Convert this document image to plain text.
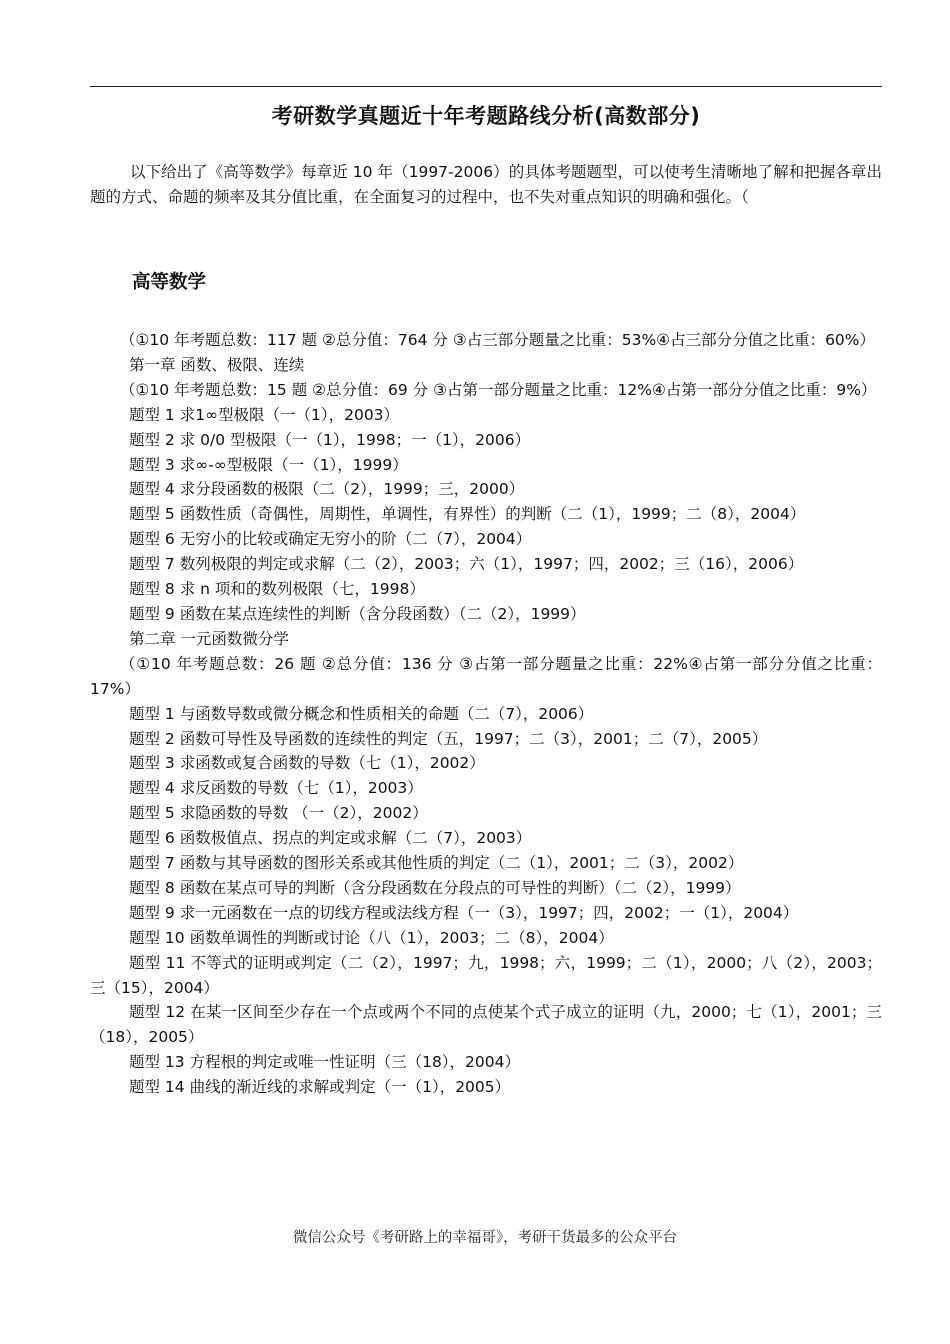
考研数学真题近十年考题路线分析(高数部分)

以下给出了《高等数学》每章近 10 年（1997-2006）的具体考题题型，可以使考生清晰地了解和把握各章出题的方式、命题的频率及其分值比重，在全面复习的过程中，也不失对重点知识的明确和强化。（

高等数学

（①10 年考题总数：117 题 ②总分值：764 分 ③占三部分题量之比重：53%④占三部分分值之比重：60%）

第一章 函数、极限、连续

（①10 年考题总数：15 题 ②总分值：69 分 ③占第一部分题量之比重：12%④占第一部分分值之比重：9%）

题型 1 求1∞型极限（一（1），2003）

题型 2 求 0/0 型极限（一（1），1998；一（1），2006）

题型 3 求∞-∞型极限（一（1），1999）

题型 4 求分段函数的极限（二（2），1999；三，2000）

题型 5 函数性质（奇偶性，周期性，单调性，有界性）的判断（二（1），1999；二（8），2004）

题型 6 无穷小的比较或确定无穷小的阶（二（7），2004）

题型 7 数列极限的判定或求解（二（2），2003；六（1），1997；四，2002；三（16），2006）

题型 8 求 n 项和的数列极限（七，1998）

题型 9 函数在某点连续性的判断（含分段函数）（二（2），1999）

第二章 一元函数微分学

（①10 年考题总数：26 题 ②总分值：136 分 ③占第一部分题量之比重：22%④占第一部分分值之比重：17%）

题型 1 与函数导数或微分概念和性质相关的命题（二（7），2006）

题型 2 函数可导性及导函数的连续性的判定（五，1997；二（3），2001；二（7），2005）

题型 3 求函数或复合函数的导数（七（1），2002）

题型 4 求反函数的导数（七（1），2003）

题型 5 求隐函数的导数 （一（2），2002）

题型 6 函数极值点、拐点的判定或求解（二（7），2003）

题型 7 函数与其导函数的图形关系或其他性质的判定（二（1），2001；二（3），2002）

题型 8 函数在某点可导的判断（含分段函数在分段点的可导性的判断）（二（2），1999）

题型 9 求一元函数在一点的切线方程或法线方程（一（3），1997；四，2002；一（1），2004）

题型 10 函数单调性的判断或讨论（八（1），2003；二（8），2004）

题型 11 不等式的证明或判定（二（2），1997；九，1998；六，1999；二（1），2000；八（2），2003；三（15），2004）

题型 12 在某一区间至少存在一个点或两个不同的点使某个式子成立的证明（九，2000；七（1），2001；三（18），2005）

题型 13 方程根的判定或唯一性证明（三（18），2004）

题型 14 曲线的渐近线的求解或判定（一（1），2005）

微信公众号《考研路上的幸福哥》，考研干货最多的公众平台
